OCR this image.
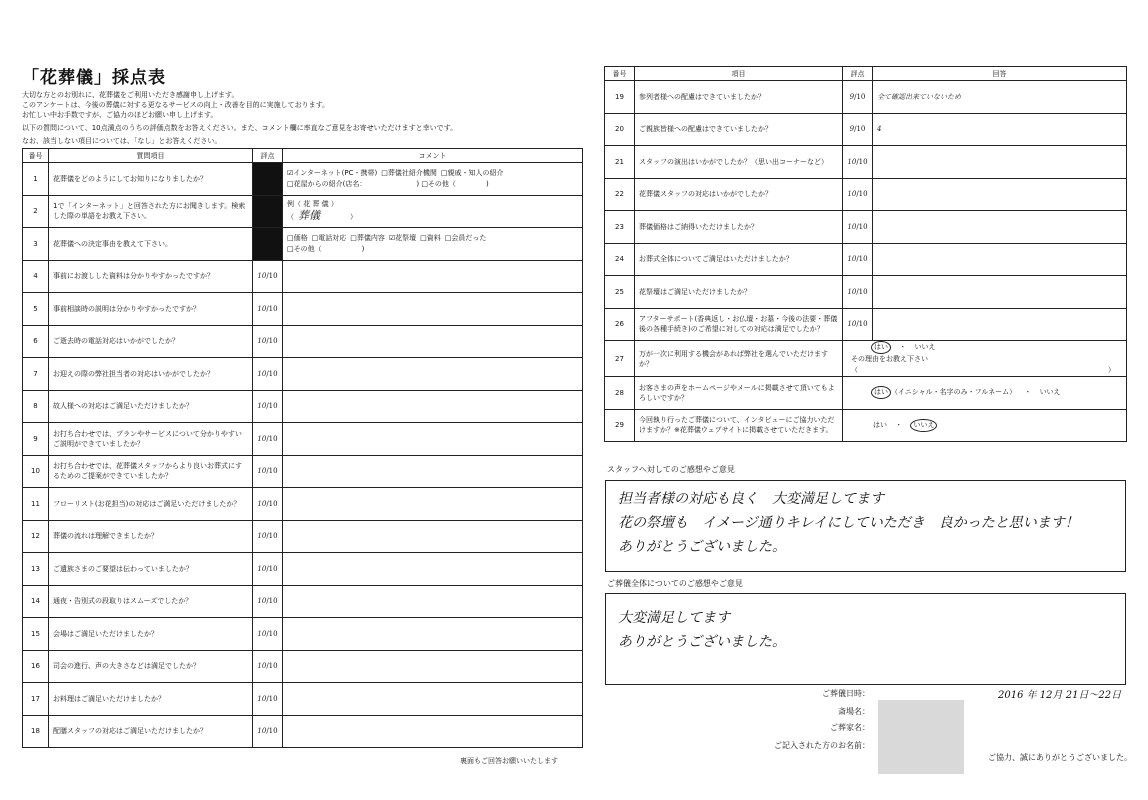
「花葬儀」採点表

大切な方とのお別れに、花葬儀をご利用いただき感謝申し上げます。

このアンケートは、今後の葬儀に対する更なるサービスの向上・改善を目的に実施しております。

お忙しい中お手数ですが、ご協力のほどお願い申し上げます。

以下の質問について、10点満点のうちの評価点数をお答えください。また、コメント欄に率直なご意見をお寄せいただけますと幸いです。

なお、該当しない項目については、「なし」とお答えください。

番号	質問項目	評点	コメント
1	花葬儀をどのようにしてお知りになりましたか？		☑インターネット(PC・携帯) □葬儀社紹介機関 □親戚・知人の紹介
□花屋からの紹介(店名： ) □その他（ )
2	1で「インターネット」と回答された方にお聞きします。検索した際の単語をお教え下さい。		例（ 花 葬 儀 ）
（ 葬儀 ）
3	花葬儀への決定事由を教えて下さい。		□価格 □電話対応 □葬儀内容 ☑花祭壇 □資料 □会員だった
□その他（ )
4	事前にお渡しした資料は分かりやすかったですか？	10/10	
5	事前相談時の説明は分かりやすかったですか？	10/10	
6	ご逝去時の電話対応はいかがでしたか？	10/10	
7	お迎えの際の弊社担当者の対応はいかがでしたか？	10/10	
8	故人様への対応はご満足いただけましたか？	10/10	
9	お打ち合わせでは、プランやサービスについて分かりやすいご説明ができていましたか？	10/10	
10	お打ち合わせでは、花葬儀スタッフからより良いお葬式にするためのご提案ができていましたか？	10/10	
11	フローリスト(お花担当)の対応はご満足いただけましたか？	10/10	
12	葬儀の流れは理解できましたか？	10/10	
13	ご遺族さまのご要望は伝わっていましたか？	10/10	
14	通夜・告別式の段取りはスムーズでしたか？	10/10	
15	会場はご満足いただけましたか？	10/10	
16	司会の進行、声の大きさなどは満足でしたか？	10/10	
17	お料理はご満足いただけましたか？	10/10	
18	配膳スタッフの対応はご満足いただけましたか？	10/10	
裏面もご回答お願いいたします
番号	項目	評点	回答
19	参列者様への配慮はできていましたか？	9/10	全て確認出来ていないため
20	ご親族皆様への配慮はできていましたか？	9/10	4
21	スタッフの演出はいかがでしたか？（思い出コーナーなど）	10/10	
22	花葬儀スタッフの対応はいかがでしたか？	10/10	
23	葬儀価格はご納得いただけましたか？	10/10	
24	お葬式全体についてご満足はいただけましたか？	10/10	
25	花祭壇はご満足いただけましたか？	10/10	
26	アフターサポート(香典返し・お仏壇・お墓・今後の法要・葬儀後の各種手続き)のご希望に対しての対応は満足でしたか？	10/10	
27	万が一次に利用する機会があれば弊社を選んでいただけますか？	はい ・ いいえ
その理由をお教え下さい
（ ）	
28	お客さまの声をホームページやメールに掲載させて頂いてもよろしいですか？	はい （イニシャル・名字のみ・フルネーム） ・ いいえ	
29	今回執り行ったご葬儀について、インタビューにご協力いただけますか？※花葬儀ウェブサイトに掲載させていただきます。	はい ・ いいえ	
スタッフへ対してのご感想やご意見
担当者様の対応も良く　大変満足してます
花の祭壇も　イメージ通りキレイにしていただき　良かったと思います！
ありがとうございました。
ご葬儀全体についてのご感想やご意見
大変満足してます
ありがとうございました。
ご葬儀日時：	2016 年 12月 21日〜22日
斎場名：
ご葬家名：
ご記入された方のお名前：
ご協力、誠にありがとうございました。
